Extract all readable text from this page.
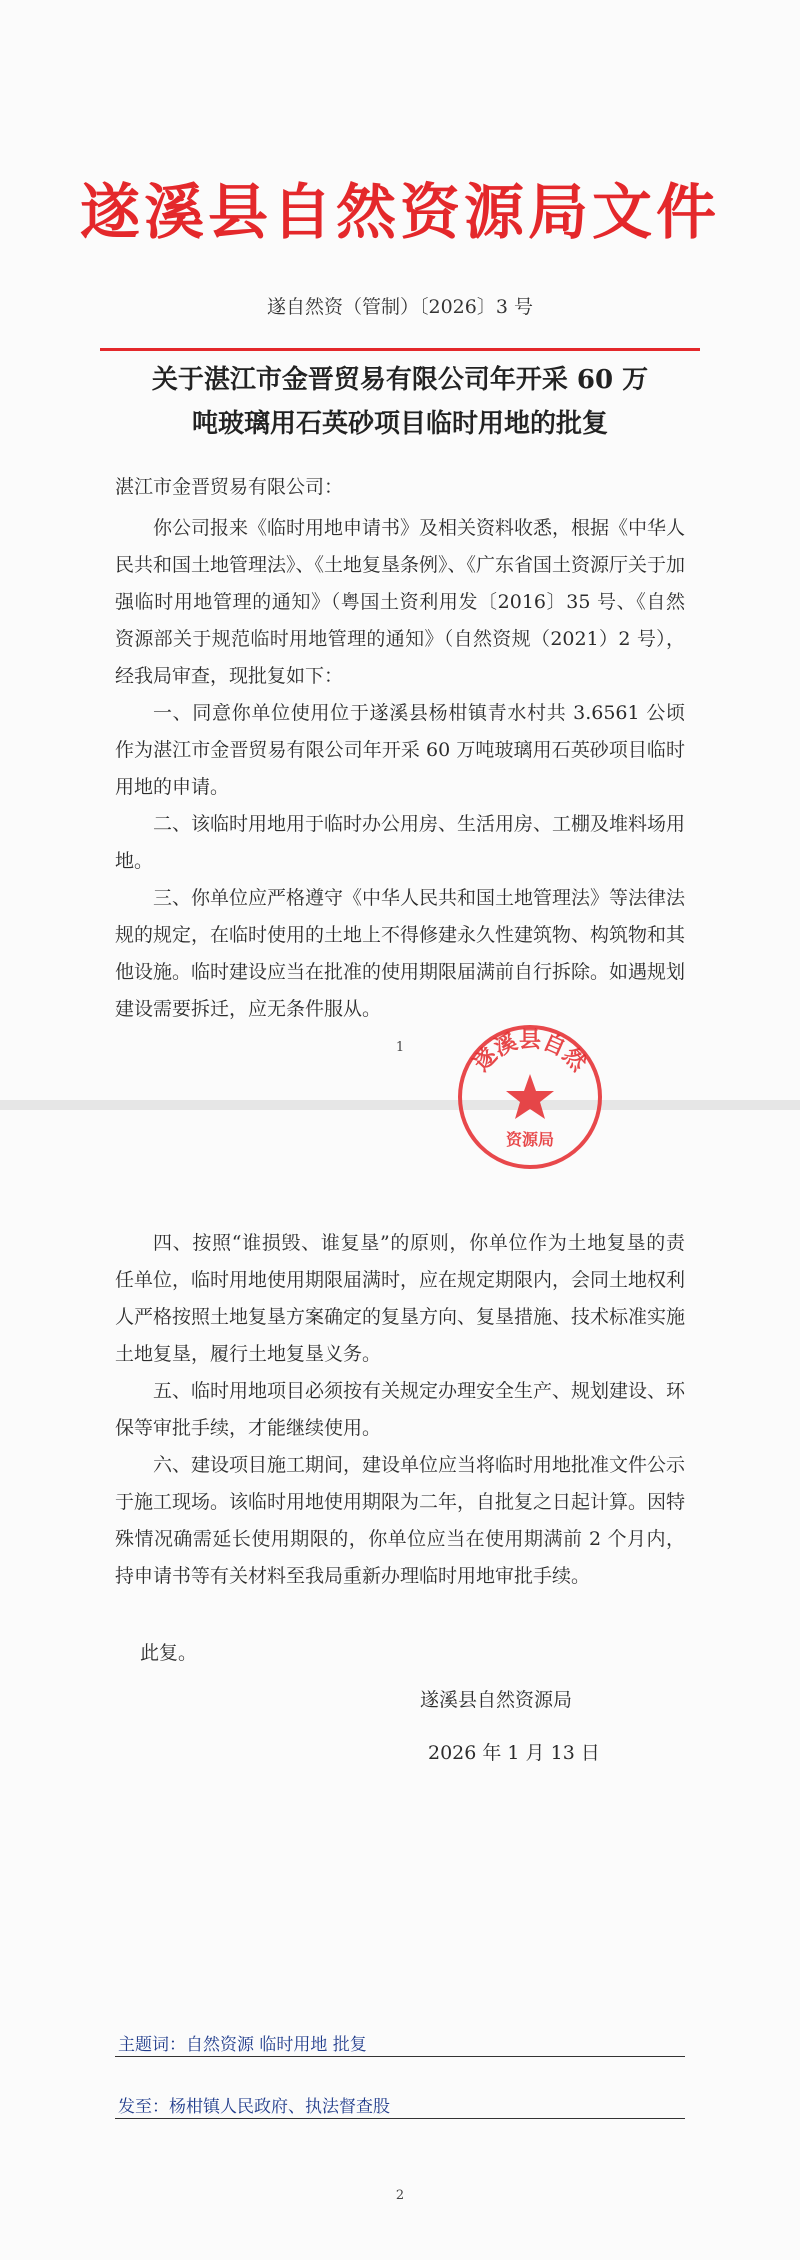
遂溪县自然资源局文件
遂自然资（管制）〔2026〕3 号
关于湛江市金晋贸易有限公司年开采 60 万
吨玻璃用石英砂项目临时用地的批复
湛江市金晋贸易有限公司：

你公司报来《临时用地申请书》及相关资料收悉，根据《中华人民共和国土地管理法》、《土地复垦条例》、《广东省国土资源厅关于加强临时用地管理的通知》（粤国土资利用发〔2016〕35 号、《自然资源部关于规范临时用地管理的通知》（自然资规（2021）2 号），经我局审查，现批复如下：

一、同意你单位使用位于遂溪县杨柑镇青水村共 3.6561 公顷作为湛江市金晋贸易有限公司年开采 60 万吨玻璃用石英砂项目临时用地的申请。

二、该临时用地用于临时办公用房、生活用房、工棚及堆料场用地。

三、你单位应严格遵守《中华人民共和国土地管理法》等法律法规的规定，在临时使用的土地上不得修建永久性建筑物、构筑物和其他设施。临时建设应当在批准的使用期限届满前自行拆除。如遇规划建设需要拆迁，应无条件服从。

1

四、按照“谁损毁、谁复垦”的原则，你单位作为土地复垦的责任单位，临时用地使用期限届满时，应在规定期限内，会同土地权利人严格按照土地复垦方案确定的复垦方向、复垦措施、技术标准实施土地复垦，履行土地复垦义务。

五、临时用地项目必须按有关规定办理安全生产、规划建设、环保等审批手续，才能继续使用。

六、建设项目施工期间，建设单位应当将临时用地批准文件公示于施工现场。该临时用地使用期限为二年，自批复之日起计算。因特殊情况确需延长使用期限的，你单位应当在使用期满前 2 个月内，持申请书等有关材料至我局重新办理临时用地审批手续。

此复。
遂溪县自然资源局
2026 年 1 月 13 日
主题词：自然资源 临时用地 批复
发至：杨柑镇人民政府、执法督查股
2
遂溪县自然
资源局
